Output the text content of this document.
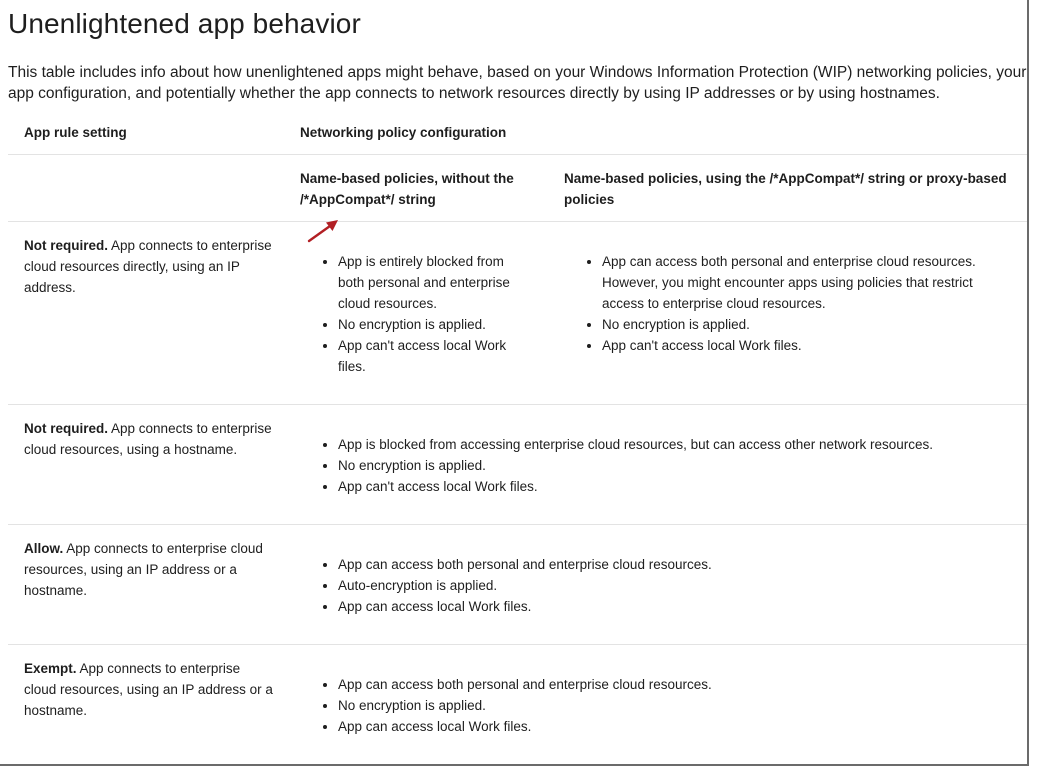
Unenlightened app behavior

This table includes info about how unenlightened apps might behave, based on your Windows Information Protection (WIP) networking policies, your app configuration, and potentially whether the app connects to network resources directly by using IP addresses or by using hostnames.

App rule setting	Networking policy configuration
Name-based policies, without the /*AppCompat*/ string
Name-based policies, using the /*AppCompat*/ string or proxy-based policies
Not required. App connects to enterprise cloud resources directly, using an IP address.
• App is entirely blocked from both personal and enterprise cloud resources.
• No encryption is applied.
• App can't access local Work files.
• App can access both personal and enterprise cloud resources. However, you might encounter apps using policies that restrict access to enterprise cloud resources.
• No encryption is applied.
• App can't access local Work files.
Not required. App connects to enterprise cloud resources, using a hostname.
•	App is blocked from accessing enterprise cloud resources, but can access other network resources.
• No encryption is applied.
• App can't access local Work files.
Allow. App connects to enterprise cloud resources, using an IP address or a hostname.
• App can access both personal and enterprise cloud resources.
• Auto-encryption is applied.
• App can access local Work files.
Exempt. App connects to enterprise cloud resources, using an IP address or a hostname.
• App can access both personal and enterprise cloud resources.
• No encryption is applied.
• App can access local Work files.
